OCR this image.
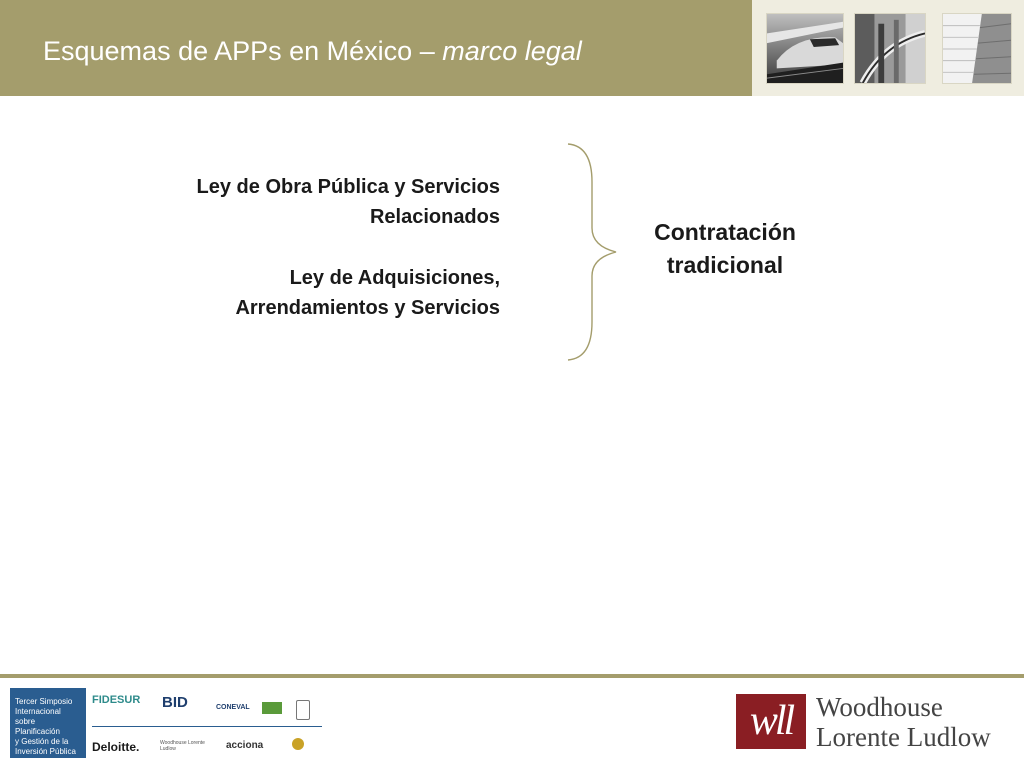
Esquemas de APPs en México – marco legal

Ley de Obra Pública y Servicios
Relacionados

Ley de Adquisiciones,
Arrendamientos y Servicios

Contratación
tradicional
Tercer Simposio
Internacional
sobre Planificación
y Gestión de la
Inversión Pública
FIDESUR BID	CONEVAL
Deloitte.	Woodhouse Lorente Ludlow	acciona
wll Woodhouse
Lorente Ludlow
